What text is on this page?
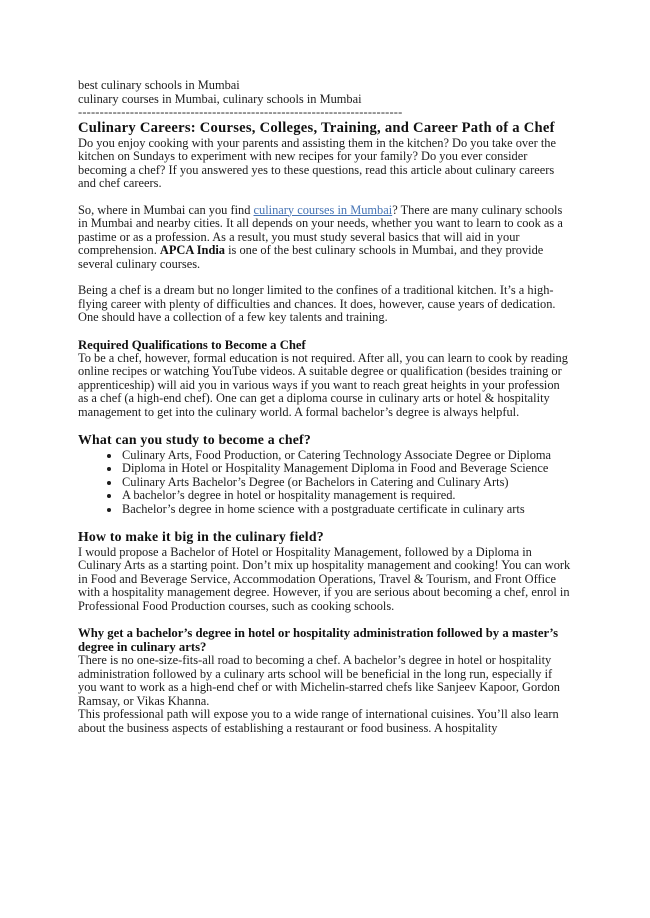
best culinary schools in Mumbai

culinary courses in Mumbai, culinary schools in Mumbai

---------------------------------------------------------------------------

Culinary Careers: Courses, Colleges, Training, and Career Path of a Chef

Do you enjoy cooking with your parents and assisting them in the kitchen? Do you take over the kitchen on Sundays to experiment with new recipes for your family? Do you ever consider becoming a chef? If you answered yes to these questions, read this article about culinary careers and chef careers.

So, where in Mumbai can you find culinary courses in Mumbai? There are many culinary schools in Mumbai and nearby cities. It all depends on your needs, whether you want to learn to cook as a pastime or as a profession. As a result, you must study several basics that will aid in your comprehension. APCA India is one of the best culinary schools in Mumbai, and they provide several culinary courses.

Being a chef is a dream but no longer limited to the confines of a traditional kitchen. It’s a high-flying career with plenty of difficulties and chances. It does, however, cause years of dedication. One should have a collection of a few key talents and training.

Required Qualifications to Become a Chef

To be a chef, however, formal education is not required. After all, you can learn to cook by reading online recipes or watching YouTube videos. A suitable degree or qualification (besides training or apprenticeship) will aid you in various ways if you want to reach great heights in your profession as a chef (a high-end chef). One can get a diploma course in culinary arts or hotel & hospitality management to get into the culinary world. A formal bachelor’s degree is always helpful.

What can you study to become a chef?
• Culinary Arts, Food Production, or Catering Technology Associate Degree or Diploma
• Diploma in Hotel or Hospitality Management Diploma in Food and Beverage Science
• Culinary Arts Bachelor’s Degree (or Bachelors in Catering and Culinary Arts)
• A bachelor’s degree in hotel or hospitality management is required.
• Bachelor’s degree in home science with a postgraduate certificate in culinary arts
How to make it big in the culinary field?

I would propose a Bachelor of Hotel or Hospitality Management, followed by a Diploma in Culinary Arts as a starting point. Don’t mix up hospitality management and cooking! You can work in Food and Beverage Service, Accommodation Operations, Travel & Tourism, and Front Office with a hospitality management degree. However, if you are serious about becoming a chef, enrol in Professional Food Production courses, such as cooking schools.

Why get a bachelor’s degree in hotel or hospitality administration followed by a master’s degree in culinary arts?

There is no one-size-fits-all road to becoming a chef. A bachelor’s degree in hotel or hospitality administration followed by a culinary arts school will be beneficial in the long run, especially if you want to work as a high-end chef or with Michelin-starred chefs like Sanjeev Kapoor, Gordon Ramsay, or Vikas Khanna.

This professional path will expose you to a wide range of international cuisines. You’ll also learn about the business aspects of establishing a restaurant or food business. A hospitality
